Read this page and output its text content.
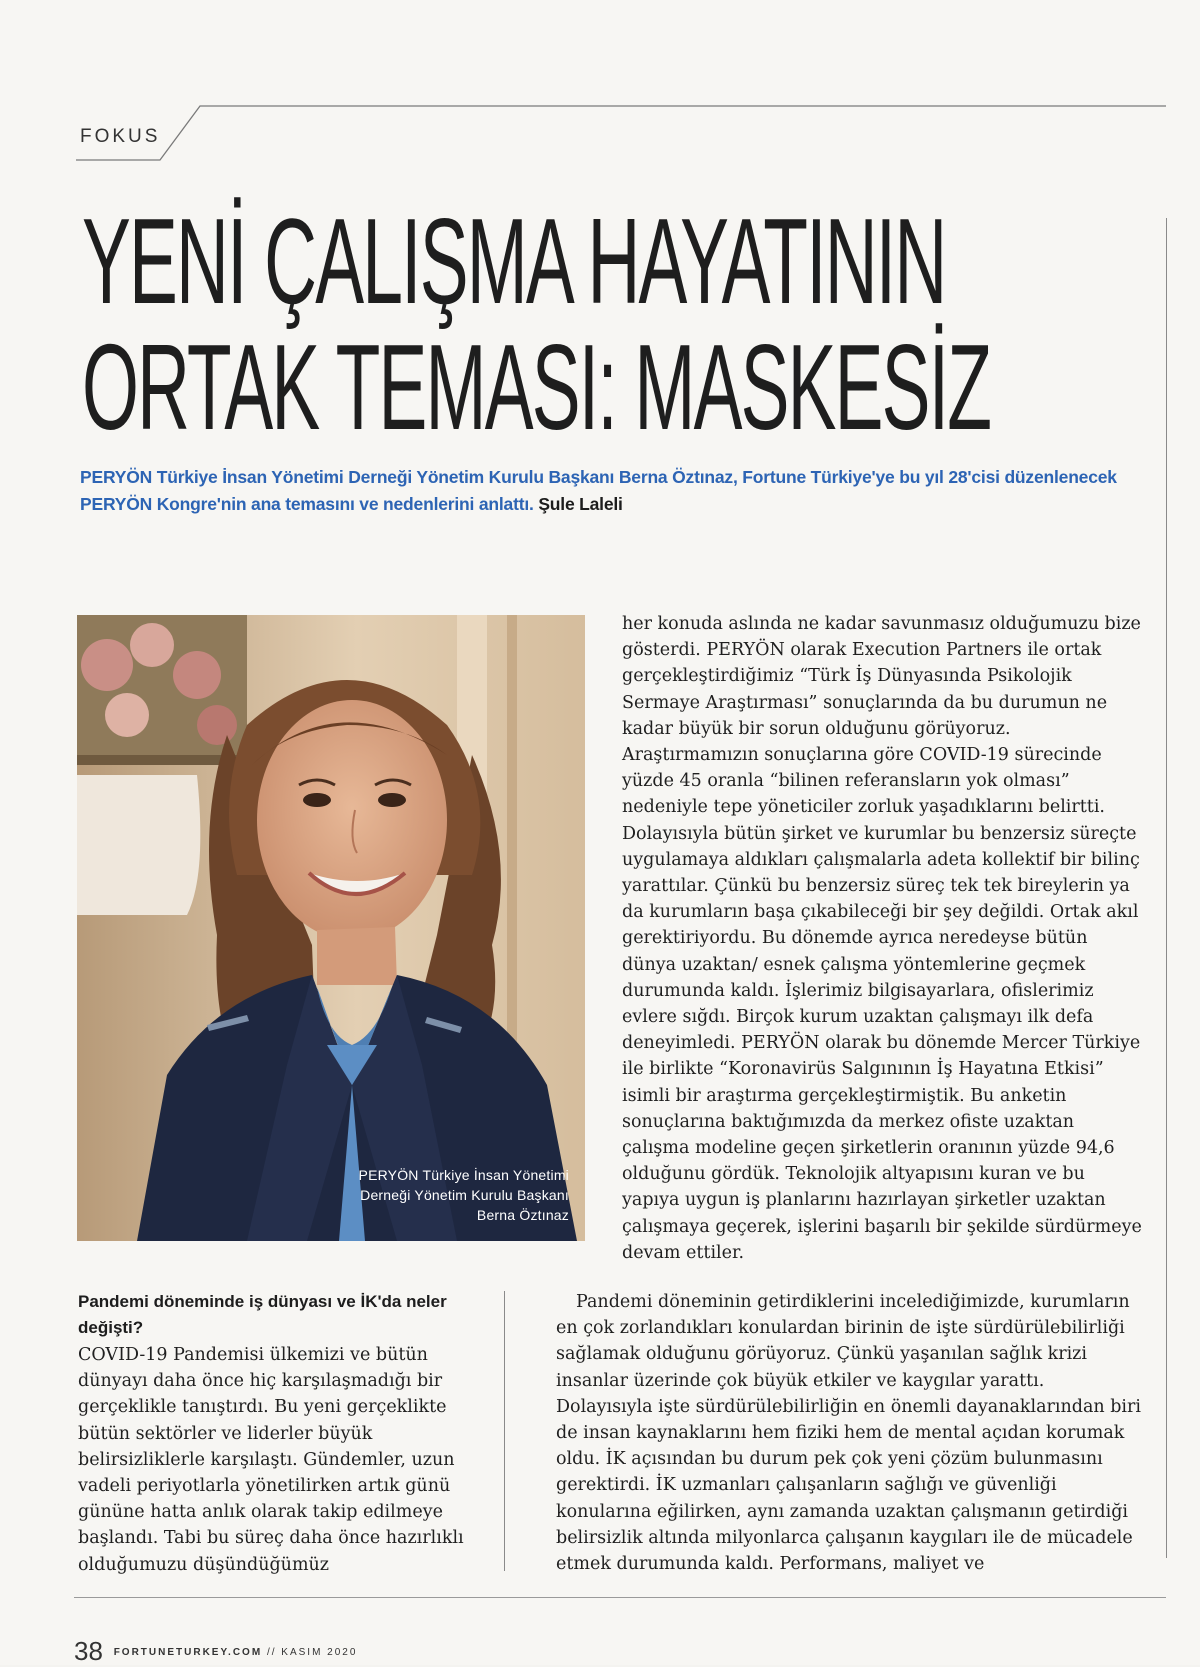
FOKUS
YENİ ÇALIŞMA HAYATININ
ORTAK TEMASI: MASKESİZ
PERYÖN Türkiye İnsan Yönetimi Derneği Yönetim Kurulu Başkanı Berna Öztınaz, Fortune Türkiye'ye bu yıl 28'cisi düzenlenecek PERYÖN Kongre'nin ana temasını ve nedenlerini anlattı. Şule Laleli
PERYÖN Türkiye İnsan Yönetimi
Derneği Yönetim Kurulu Başkanı
Berna Öztınaz

her konuda aslında ne kadar savunmasız olduğumuzu bize gösterdi. PERYÖN olarak Execution Partners ile ortak gerçekleştirdiğimiz “Türk İş Dünyasında Psikolojik Sermaye Araştırması” sonuçlarında da bu durumun ne kadar büyük bir sorun olduğunu görüyoruz. Araştırmamızın sonuçlarına göre COVID-19 sürecinde yüzde 45 oranla “bilinen referansların yok olması” nedeniyle tepe yöneticiler zorluk yaşadıklarını belirtti. Dolayısıyla bütün şirket ve kurumlar bu benzersiz süreçte uygulamaya aldıkları çalışmalarla adeta kollektif bir bilinç yarattılar. Çünkü bu benzersiz süreç tek tek bireylerin ya da kurumların başa çıkabileceği bir şey değildi. Ortak akıl gerektiriyordu. Bu dönemde ayrıca neredeyse bütün dünya uzaktan/ esnek çalışma yöntemlerine geçmek durumunda kaldı. İşlerimiz bilgisayarlara, ofislerimiz evlere sığdı. Birçok kurum uzaktan çalışmayı ilk defa deneyimledi. PERYÖN olarak bu dönemde Mercer Türkiye ile birlikte “Koronavirüs Salgınının İş Hayatına Etkisi” isimli bir araştırma gerçekleştirmiştik. Bu anketin sonuçlarına baktığımızda da merkez ofiste uzaktan çalışma modeline geçen şirketlerin oranının yüzde 94,6 olduğunu gördük. Teknolojik altyapısını kuran ve bu yapıya uygun iş planlarını hazırlayan şirketler uzaktan çalışmaya geçerek, işlerini başarılı bir şekilde sürdürmeye devam ettiler.

Pandemi döneminde iş dünyası ve İK'da neler değişti?

COVID-19 Pandemisi ülkemizi ve bütün dünyayı daha önce hiç karşılaşmadığı bir gerçeklikle tanıştırdı. Bu yeni gerçeklikte bütün sektörler ve liderler büyük belirsizliklerle karşılaştı. Gündemler, uzun vadeli periyotlarla yönetilirken artık günü gününe hatta anlık olarak takip edilmeye başlandı. Tabi bu süreç daha önce hazırlıklı olduğumuzu düşündüğümüz

Pandemi döneminin getirdiklerini incelediğimizde, kurumların en çok zorlandıkları konulardan birinin de işte sürdürülebilirliği sağlamak olduğunu görüyoruz. Çünkü yaşanılan sağlık krizi insanlar üzerinde çok büyük etkiler ve kaygılar yarattı. Dolayısıyla işte sürdürülebilirliğin en önemli dayanaklarından biri de insan kaynaklarını hem fiziki hem de mental açıdan korumak oldu. İK açısından bu durum pek çok yeni çözüm bulunmasını gerektirdi. İK uzmanları çalışanların sağlığı ve güvenliği konularına eğilirken, aynı zamanda uzaktan çalışmanın getirdiği belirsizlik altında milyonlarca çalışanın kaygıları ile de mücadele etmek durumunda kaldı. Performans, maliyet ve

38 FORTUNETURKEY.COM // KASIM 2020
